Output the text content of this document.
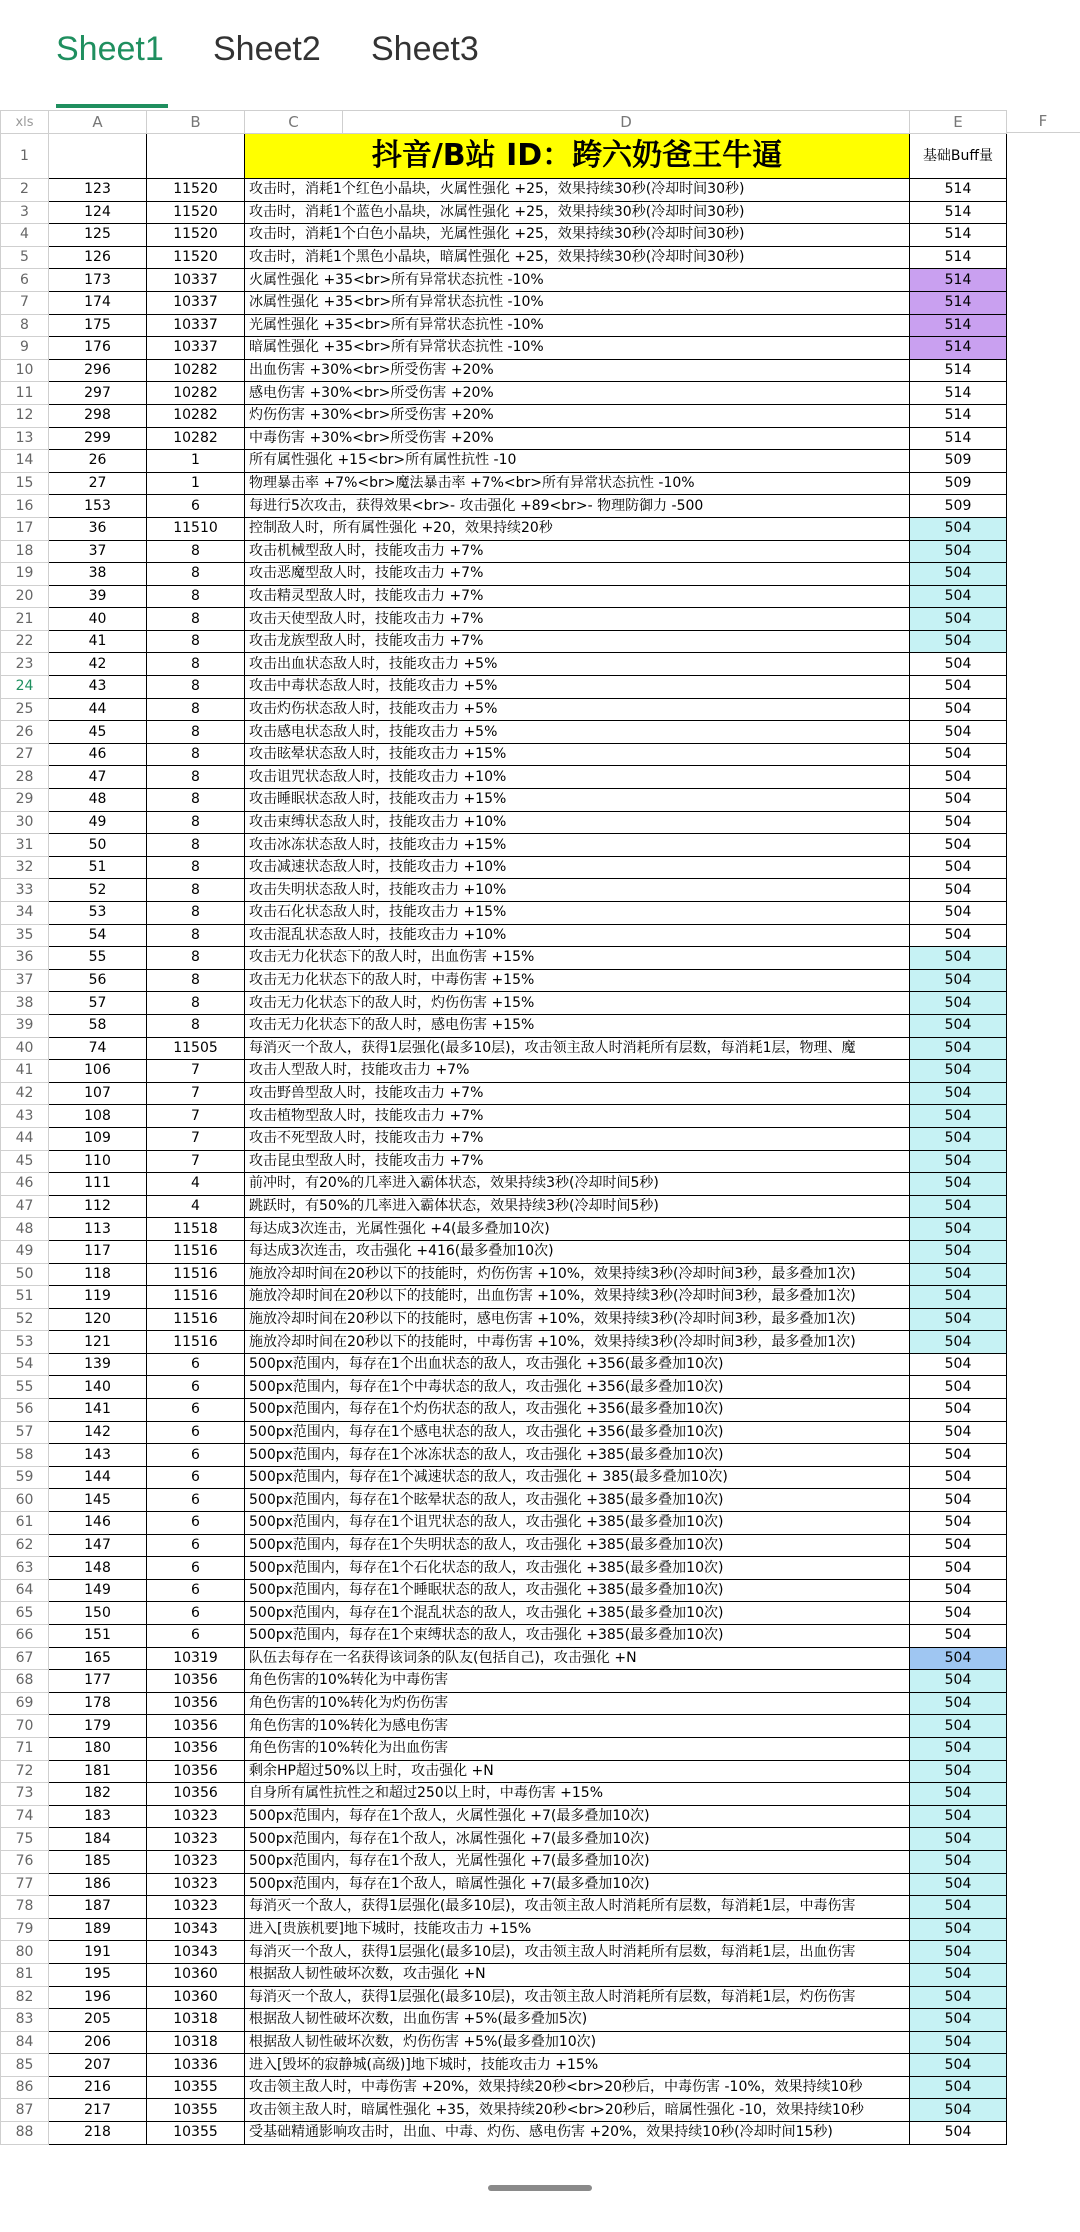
Sheet1 Sheet2 Sheet3
xls	A	B	C	D	E
1			抖音/B站 ID：跨六奶爸王牛逼		基础Buff量
2	123	11520	攻击时，消耗1个红色小晶块，火属性强化 +25，效果持续30秒(冷却时间30秒)		514
3	124	11520	攻击时，消耗1个蓝色小晶块，冰属性强化 +25，效果持续30秒(冷却时间30秒)		514
4	125	11520	攻击时，消耗1个白色小晶块，光属性强化 +25，效果持续30秒(冷却时间30秒)		514
5	126	11520	攻击时，消耗1个黑色小晶块，暗属性强化 +25，效果持续30秒(冷却时间30秒)		514
6	173	10337	火属性强化 +35<br>所有异常状态抗性 -10%		514
7	174	10337	冰属性强化 +35<br>所有异常状态抗性 -10%		514
8	175	10337	光属性强化 +35<br>所有异常状态抗性 -10%		514
9	176	10337	暗属性强化 +35<br>所有异常状态抗性 -10%		514
10	296	10282	出血伤害 +30%<br>所受伤害 +20%		514
11	297	10282	感电伤害 +30%<br>所受伤害 +20%		514
12	298	10282	灼伤伤害 +30%<br>所受伤害 +20%		514
13	299	10282	中毒伤害 +30%<br>所受伤害 +20%		514
14	26	1	所有属性强化 +15<br>所有属性抗性 -10		509
15	27	1	物理暴击率 +7%<br>魔法暴击率 +7%<br>所有异常状态抗性 -10%		509
16	153	6	每进行5次攻击，获得效果<br>- 攻击强化 +89<br>- 物理防御力 -500		509
17	36	11510	控制敌人时，所有属性强化 +20，效果持续20秒		504
18	37	8	攻击机械型敌人时，技能攻击力 +7%		504
19	38	8	攻击恶魔型敌人时，技能攻击力 +7%		504
20	39	8	攻击精灵型敌人时，技能攻击力 +7%		504
21	40	8	攻击天使型敌人时，技能攻击力 +7%		504
22	41	8	攻击龙族型敌人时，技能攻击力 +7%		504
23	42	8	攻击出血状态敌人时，技能攻击力 +5%		504
24	43	8	攻击中毒状态敌人时，技能攻击力 +5%		504
25	44	8	攻击灼伤状态敌人时，技能攻击力 +5%		504
26	45	8	攻击感电状态敌人时，技能攻击力 +5%		504
27	46	8	攻击眩晕状态敌人时，技能攻击力 +15%		504
28	47	8	攻击诅咒状态敌人时，技能攻击力 +10%		504
29	48	8	攻击睡眠状态敌人时，技能攻击力 +15%		504
30	49	8	攻击束缚状态敌人时，技能攻击力 +10%		504
31	50	8	攻击冰冻状态敌人时，技能攻击力 +15%		504
32	51	8	攻击减速状态敌人时，技能攻击力 +10%		504
33	52	8	攻击失明状态敌人时，技能攻击力 +10%		504
34	53	8	攻击石化状态敌人时，技能攻击力 +15%		504
35	54	8	攻击混乱状态敌人时，技能攻击力 +10%		504
36	55	8	攻击无力化状态下的敌人时，出血伤害 +15%		504
37	56	8	攻击无力化状态下的敌人时，中毒伤害 +15%		504
38	57	8	攻击无力化状态下的敌人时，灼伤伤害 +15%		504
39	58	8	攻击无力化状态下的敌人时，感电伤害 +15%		504
40	74	11505	每消灭一个敌人，获得1层强化(最多10层)，攻击领主敌人时消耗所有层数，每消耗1层，物理、魔		504
41	106	7	攻击人型敌人时，技能攻击力 +7%		504
42	107	7	攻击野兽型敌人时，技能攻击力 +7%		504
43	108	7	攻击植物型敌人时，技能攻击力 +7%		504
44	109	7	攻击不死型敌人时，技能攻击力 +7%		504
45	110	7	攻击昆虫型敌人时，技能攻击力 +7%		504
46	111	4	前冲时，有20%的几率进入霸体状态，效果持续3秒(冷却时间5秒)		504
47	112	4	跳跃时，有50%的几率进入霸体状态，效果持续3秒(冷却时间5秒)		504
48	113	11518	每达成3次连击，光属性强化 +4(最多叠加10次)		504
49	117	11516	每达成3次连击，攻击强化 +416(最多叠加10次)		504
50	118	11516	施放冷却时间在20秒以下的技能时，灼伤伤害 +10%，效果持续3秒(冷却时间3秒，最多叠加1次)		504
51	119	11516	施放冷却时间在20秒以下的技能时，出血伤害 +10%，效果持续3秒(冷却时间3秒，最多叠加1次)		504
52	120	11516	施放冷却时间在20秒以下的技能时，感电伤害 +10%，效果持续3秒(冷却时间3秒，最多叠加1次)		504
53	121	11516	施放冷却时间在20秒以下的技能时，中毒伤害 +10%，效果持续3秒(冷却时间3秒，最多叠加1次)		504
54	139	6	500px范围内，每存在1个出血状态的敌人，攻击强化 +356(最多叠加10次)		504
55	140	6	500px范围内，每存在1个中毒状态的敌人，攻击强化 +356(最多叠加10次)		504
56	141	6	500px范围内，每存在1个灼伤状态的敌人，攻击强化 +356(最多叠加10次)		504
57	142	6	500px范围内，每存在1个感电状态的敌人，攻击强化 +356(最多叠加10次)		504
58	143	6	500px范围内，每存在1个冰冻状态的敌人，攻击强化 +385(最多叠加10次)		504
59	144	6	500px范围内，每存在1个减速状态的敌人，攻击强化 + 385(最多叠加10次)		504
60	145	6	500px范围内，每存在1个眩晕状态的敌人，攻击强化 +385(最多叠加10次)		504
61	146	6	500px范围内，每存在1个诅咒状态的敌人，攻击强化 +385(最多叠加10次)		504
62	147	6	500px范围内，每存在1个失明状态的敌人，攻击强化 +385(最多叠加10次)		504
63	148	6	500px范围内，每存在1个石化状态的敌人，攻击强化 +385(最多叠加10次)		504
64	149	6	500px范围内，每存在1个睡眠状态的敌人，攻击强化 +385(最多叠加10次)		504
65	150	6	500px范围内，每存在1个混乱状态的敌人，攻击强化 +385(最多叠加10次)		504
66	151	6	500px范围内，每存在1个束缚状态的敌人，攻击强化 +385(最多叠加10次)		504
67	165	10319	队伍去每存在一名获得该词条的队友(包括自己)，攻击强化 +N		504
68	177	10356	角色伤害的10%转化为中毒伤害		504
69	178	10356	角色伤害的10%转化为灼伤伤害		504
70	179	10356	角色伤害的10%转化为感电伤害		504
71	180	10356	角色伤害的10%转化为出血伤害		504
72	181	10356	剩余HP超过50%以上时，攻击强化 +N		504
73	182	10356	自身所有属性抗性之和超过250以上时，中毒伤害 +15%		504
74	183	10323	500px范围内，每存在1个敌人，火属性强化 +7(最多叠加10次)		504
75	184	10323	500px范围内，每存在1个敌人，冰属性强化 +7(最多叠加10次)		504
76	185	10323	500px范围内，每存在1个敌人，光属性强化 +7(最多叠加10次)		504
77	186	10323	500px范围内，每存在1个敌人，暗属性强化 +7(最多叠加10次)		504
78	187	10323	每消灭一个敌人，获得1层强化(最多10层)，攻击领主敌人时消耗所有层数，每消耗1层，中毒伤害		504
79	189	10343	进入[贵族机要]地下城时，技能攻击力 +15%		504
80	191	10343	每消灭一个敌人，获得1层强化(最多10层)，攻击领主敌人时消耗所有层数，每消耗1层，出血伤害		504
81	195	10360	根据敌人韧性破坏次数，攻击强化 +N		504
82	196	10360	每消灭一个敌人，获得1层强化(最多10层)，攻击领主敌人时消耗所有层数，每消耗1层，灼伤伤害		504
83	205	10318	根据敌人韧性破坏次数，出血伤害 +5%(最多叠加5次)		504
84	206	10318	根据敌人韧性破坏次数，灼伤伤害 +5%(最多叠加10次)		504
85	207	10336	进入[毁坏的寂静城(高级)]地下城时，技能攻击力 +15%		504
86	216	10355	攻击领主敌人时，中毒伤害 +20%，效果持续20秒<br>20秒后，中毒伤害 -10%，效果持续10秒		504
87	217	10355	攻击领主敌人时，暗属性强化 +35，效果持续20秒<br>20秒后，暗属性强化 -10，效果持续10秒		504
88	218	10355	受基础精通影响攻击时，出血、中毒、灼伤、感电伤害 +20%，效果持续10秒(冷却时间15秒)		504
F
